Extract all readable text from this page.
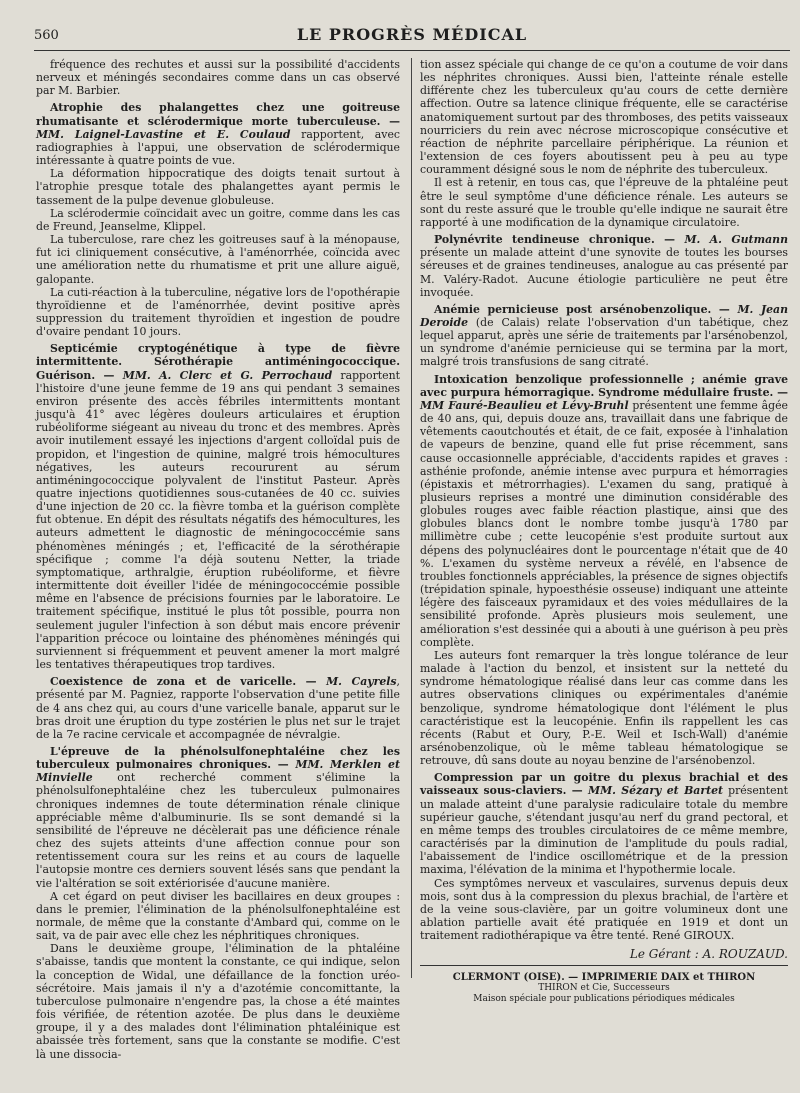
560	LE PROGRÈS MÉDICAL

fréquence des rechutes et aussi sur la possibilité d'accidents nerveux et méningés secondaires comme dans un cas observé par M. Barbier.

Atrophie des phalangettes chez une goitreuse rhumatisante et sclérodermique morte tuberculeuse. — MM. Laignel-Lavastine et E. Coulaud rapportent, avec radiographies à l'appui, une observation de sclérodermique intéressante à quatre points de vue.

La déformation hippocratique des doigts tenait surtout à l'atrophie presque totale des phalangettes ayant permis le tassement de la pulpe devenue globuleuse.

La sclérodermie coïncidait avec un goitre, comme dans les cas de Freund, Jeanselme, Klippel.

La tuberculose, rare chez les goitreuses sauf à la ménopause, fut ici cliniquement consécutive, à l'aménorrhée, coïncida avec une amélioration nette du rhumatisme et prit une allure aiguë, galopante.

La cuti-réaction à la tuberculine, négative lors de l'opothérapie thyroïdienne et de l'aménorrhée, devint positive après suppression du traitement thyroïdien et ingestion de poudre d'ovaire pendant 10 jours.

Septicémie cryptogénétique à type de fièvre intermittente. Sérothérapie antiméningococcique. Guérison. — MM. A. Clerc et G. Perrochaud rapportent l'histoire d'une jeune femme de 19 ans qui pendant 3 semaines environ présente des accès fébriles intermittents montant jusqu'à 41° avec légères douleurs articulaires et éruption rubéoliforme siégeant au niveau du tronc et des membres. Après avoir inutilement essayé les injections d'argent colloïdal puis de propidon, et l'ingestion de quinine, malgré trois hémocultures négatives, les auteurs recoururent au sérum antiméningococcique polyvalent de l'institut Pasteur. Après quatre injections quotidiennes sous-cutanées de 40 cc. suivies d'une injection de 20 cc. la fièvre tomba et la guérison complète fut obtenue. En dépit des résultats négatifs des hémocultures, les auteurs admettent le diagnostic de méningococcémie sans phénomènes méningés ; et, l'efficacité de la sérothérapie spécifique ; comme l'a déjà soutenu Netter, la triade symptomatique, arthralgie, éruption rubéoliforme, et fièvre intermittente doit éveiller l'idée de méningococcémie possible même en l'absence de précisions fournies par le laboratoire. Le traitement spécifique, institué le plus tôt possible, pourra non seulement juguler l'infection à son début mais encore prévenir l'apparition précoce ou lointaine des phénomènes méningés qui surviennent si fréquemment et peuvent amener la mort malgré les tentatives thérapeutiques trop tardives.

Coexistence de zona et de varicelle. — M. Cayrels, présenté par M. Pagniez, rapporte l'observation d'une petite fille de 4 ans chez qui, au cours d'une varicelle banale, apparut sur le bras droit une éruption du type zostérien le plus net sur le trajet de la 7e racine cervicale et accompagnée de névralgie.

L'épreuve de la phénolsulfonephtaléine chez les tuberculeux pulmonaires chroniques. — MM. Merklen et Minvielle ont recherché comment s'élimine la phénolsulfonephtaléine chez les tuberculeux pulmonaires chroniques indemnes de toute détermination rénale clinique appréciable même d'albuminurie. Ils se sont demandé si la sensibilité de l'épreuve ne décèlerait pas une déficience rénale chez des sujets atteints d'une affection connue pour son retentissement coura sur les reins et au cours de laquelle l'autopsie montre ces derniers souvent lésés sans que pendant la vie l'altération se soit extériorisée d'aucune manière.

A cet égard on peut diviser les bacillaires en deux groupes : dans le premier, l'élimination de la phénolsulfonephtaléine est normale, de même que la constante d'Ambard qui, comme on le sait, va de pair avec elle chez les néphritiques chroniques.

Dans le deuxième groupe, l'élimination de la phtaléine s'abaisse, tandis que montent la constante, ce qui indique, selon la conception de Widal, une défaillance de la fonction uréo-sécrétoire. Mais jamais il n'y a d'azotémie concomittante, la tuberculose pulmonaire n'engendre pas, la chose a été maintes fois vérifiée, de rétention azotée. De plus dans le deuxième groupe, il y a des malades dont l'élimination phtaléinique est abaissée très fortement, sans que la constante se modifie. C'est là une dissocia-

tion assez spéciale qui change de ce qu'on a coutume de voir dans les néphrites chroniques. Aussi bien, l'atteinte rénale estelle différente chez les tuberculeux qu'au cours de cette dernière affection. Outre sa latence clinique fréquente, elle se caractérise anatomiquement surtout par des thromboses, des petits vaisseaux nourriciers du rein avec nécrose microscopique consécutive et réaction de néphrite parcellaire périphérique. La réunion et l'extension de ces foyers aboutissent peu à peu au type couramment désigné sous le nom de néphrite des tuberculeux.

Il est à retenir, en tous cas, que l'épreuve de la phtaléine peut être le seul symptôme d'une déficience rénale. Les auteurs se sont du reste assuré que le trouble qu'elle indique ne saurait être rapporté à une modification de la dynamique circulatoire.

Polynévrite tendineuse chronique. — M. A. Gutmann présente un malade atteint d'une synovite de toutes les bourses séreuses et de graines tendineuses, analogue au cas présenté par M. Valéry-Radot. Aucune étiologie particulière ne peut être invoquée.

Anémie pernicieuse post arsénobenzolique. — M. Jean Deroide (de Calais) relate l'observation d'un tabétique, chez lequel apparut, après une série de traitements par l'arsénobenzol, un syndrome d'anémie pernicieuse qui se termina par la mort, malgré trois transfusions de sang citraté.

Intoxication benzolique professionnelle ; anémie grave avec purpura hémorragique. Syndrome médullaire fruste. — MM Fauré-Beaulieu et Lévy-Bruhl présentent une femme âgée de 40 ans, qui, depuis douze ans, travaillait dans une fabrique de vêtements caoutchoutés et était, de ce fait, exposée à l'inhalation de vapeurs de benzine, quand elle fut prise récemment, sans cause occasionnelle appréciable, d'accidents rapides et graves : asthénie profonde, anémie intense avec purpura et hémorragies (épistaxis et métrorrhagies). L'examen du sang, pratiqué à plusieurs reprises a montré une diminution considérable des globules rouges avec faible réaction plastique, ainsi que des globules blancs dont le nombre tombe jusqu'à 1780 par millimètre cube ; cette leucopénie s'est produite surtout aux dépens des polynucléaires dont le pourcentage n'était que de 40 %. L'examen du système nerveux a révélé, en l'absence de troubles fonctionnels appréciables, la présence de signes objectifs (trépidation spinale, hypoesthésie osseuse) indiquant une atteinte légère des faisceaux pyramidaux et des voies médullaires de la sensibilité profonde. Après plusieurs mois seulement, une amélioration s'est dessinée qui a abouti à une guérison à peu près complète.

Les auteurs font remarquer la très longue tolérance de leur malade à l'action du benzol, et insistent sur la netteté du syndrome hématologique réalisé dans leur cas comme dans les autres observations cliniques ou expérimentales d'anémie benzolique, syndrome hématologique dont l'élément le plus caractéristique est la leucopénie. Enfin ils rappellent les cas récents (Rabut et Oury, P.-E. Weil et Isch-Wall) d'anémie arsénobenzolique, où le même tableau hématologique se retrouve, dû sans doute au noyau benzine de l'arsénobenzol.

Compression par un goitre du plexus brachial et des vaisseaux sous-claviers. — MM. Sézary et Bartet présentent un malade atteint d'une paralysie radiculaire totale du membre supérieur gauche, s'étendant jusqu'au nerf du grand pectoral, et en même temps des troubles circulatoires de ce même membre, caractérisés par la diminution de l'amplitude du pouls radial, l'abaissement de l'indice oscillométrique et de la pression maxima, l'élévation de la minima et l'hypothermie locale.

Ces symptômes nerveux et vasculaires, survenus depuis deux mois, sont dus à la compression du plexus brachial, de l'artère et de la veine sous-clavière, par un goitre volumineux dont une ablation partielle avait été pratiquée en 1919 et dont un traitement radiothérapique va être tenté. René GIROUX.

Le Gérant : A. ROUZAUD.
CLERMONT (OISE). — IMPRIMERIE DAIX et THIRON
THIRON et Cie, Successeurs
Maison spéciale pour publications périodiques médicales
